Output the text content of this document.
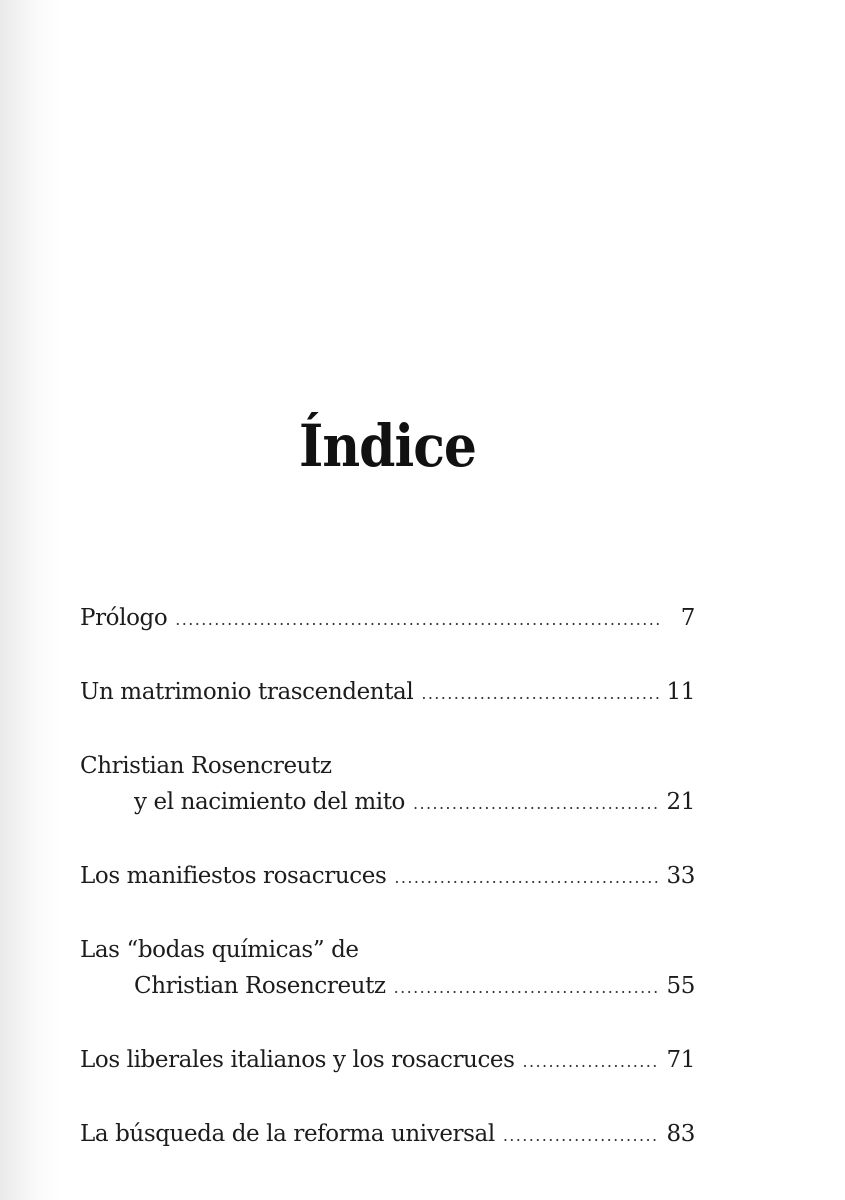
Índice
Prólogo .....	7
Un matrimonio trascendental .....	11
Christian Rosencreutz
y el nacimiento del mito .....	21
Los manifiestos rosacruces .....	33
Las “bodas químicas” de
Christian Rosencreutz .....	55
Los liberales italianos y los rosacruces .....	71
La búsqueda de la reforma universal .....	83
